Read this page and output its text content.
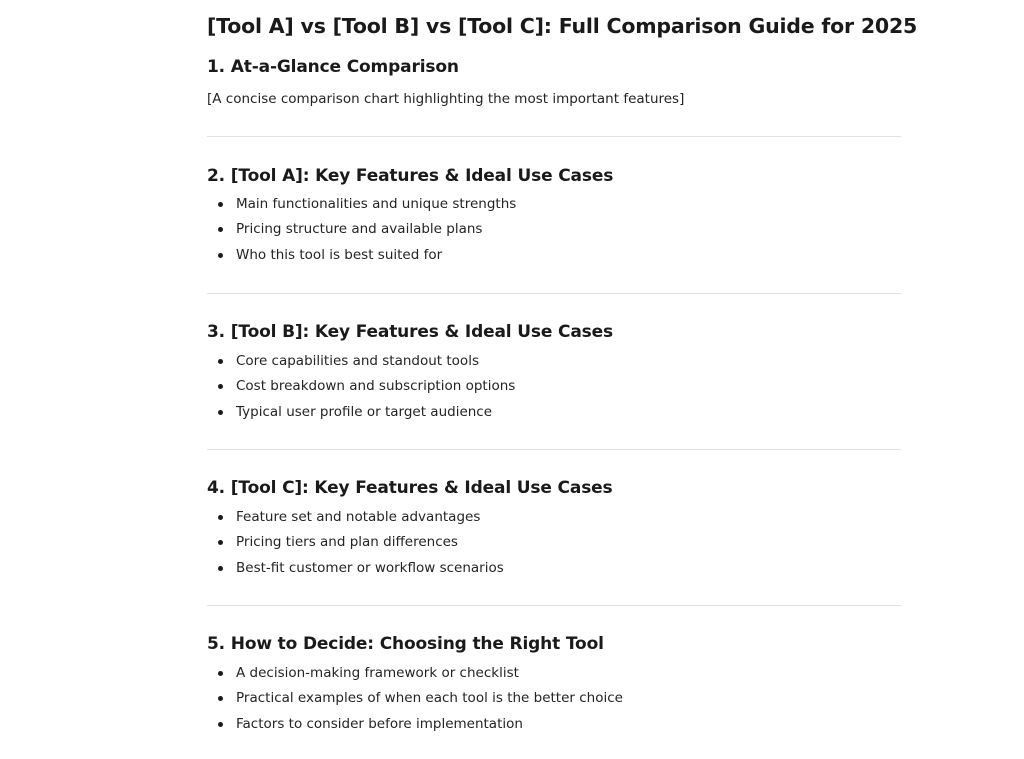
[Tool A] vs [Tool B] vs [Tool C]: Full Comparison Guide for 2025
1. At-a-Glance Comparison

[A concise comparison chart highlighting the most important features]

2. [Tool A]: Key Features & Ideal Use Cases
Main functionalities and unique strengths
Pricing structure and available plans
Who this tool is best suited for
3. [Tool B]: Key Features & Ideal Use Cases
Core capabilities and standout tools
Cost breakdown and subscription options
Typical user profile or target audience
4. [Tool C]: Key Features & Ideal Use Cases
Feature set and notable advantages
Pricing tiers and plan differences
Best-fit customer or workflow scenarios
5. How to Decide: Choosing the Right Tool
A decision-making framework or checklist
Practical examples of when each tool is the better choice
Factors to consider before implementation
